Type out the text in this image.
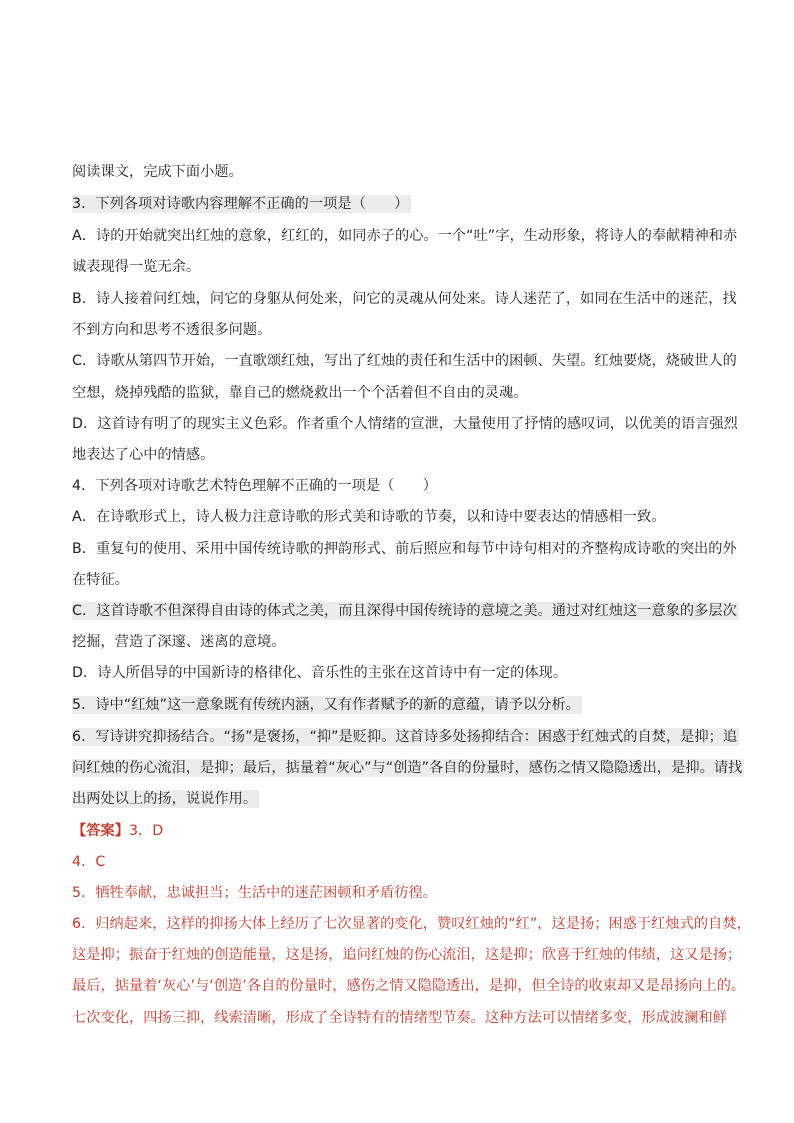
阅读课文，完成下面小题。
3．下列各项对诗歌内容理解不正确的一项是（　　）
A．诗的开始就突出红烛的意象，红红的，如同赤子的心。一个“吐”字，生动形象，将诗人的奉献精神和赤
诚表现得一览无余。
B．诗人接着问红烛，问它的身躯从何处来，问它的灵魂从何处来。诗人迷茫了，如同在生活中的迷茫，找
不到方向和思考不透很多问题。
C．诗歌从第四节开始，一直歌颂红烛，写出了红烛的责任和生活中的困顿、失望。红烛要烧，烧破世人的
空想，烧掉残酷的监狱，靠自己的燃烧救出一个个活着但不自由的灵魂。
D．这首诗有明了的现实主义色彩。作者重个人情绪的宣泄，大量使用了抒情的感叹词，以优美的语言强烈
地表达了心中的情感。
4．下列各项对诗歌艺术特色理解不正确的一项是（　　）
A．在诗歌形式上，诗人极力注意诗歌的形式美和诗歌的节奏，以和诗中要表达的情感相一致。
B．重复句的使用、采用中国传统诗歌的押韵形式、前后照应和每节中诗句相对的齐整构成诗歌的突出的外
在特征。
C．这首诗歌不但深得自由诗的体式之美，而且深得中国传统诗的意境之美。通过对红烛这一意象的多层次
挖掘，营造了深邃、迷离的意境。
D．诗人所倡导的中国新诗的格律化、音乐性的主张在这首诗中有一定的体现。
5．诗中“红烛”这一意象既有传统内涵，又有作者赋予的新的意蕴，请予以分析。
6．写诗讲究抑扬结合。“扬”是褒扬，“抑”是贬抑。这首诗多处扬抑结合：困惑于红烛式的自焚，是抑；追
问红烛的伤心流泪，是抑；最后，掂量着“灰心”与“创造”各自的份量时，感伤之情又隐隐透出，是抑。请找
出两处以上的扬，说说作用。
【答案】3．D
4．C
5．牺牲奉献，忠诚担当；生活中的迷茫困顿和矛盾彷徨。
6．归纳起来，这样的抑扬大体上经历了七次显著的变化，赞叹红烛的“红”，这是扬；困惑于红烛式的自焚，
这是抑；振奋于红烛的创造能量，这是扬，追问红烛的伤心流泪，这是抑；欣喜于红烛的伟绩，这又是扬；
最后，掂量着‘灰心’与‘创造’各自的份量时，感伤之情又隐隐透出，是抑，但全诗的收束却又是昂扬向上的。
七次变化，四扬三抑，线索清晰，形成了全诗特有的情绪型节奏。这种方法可以情绪多变，形成波澜和鲜
